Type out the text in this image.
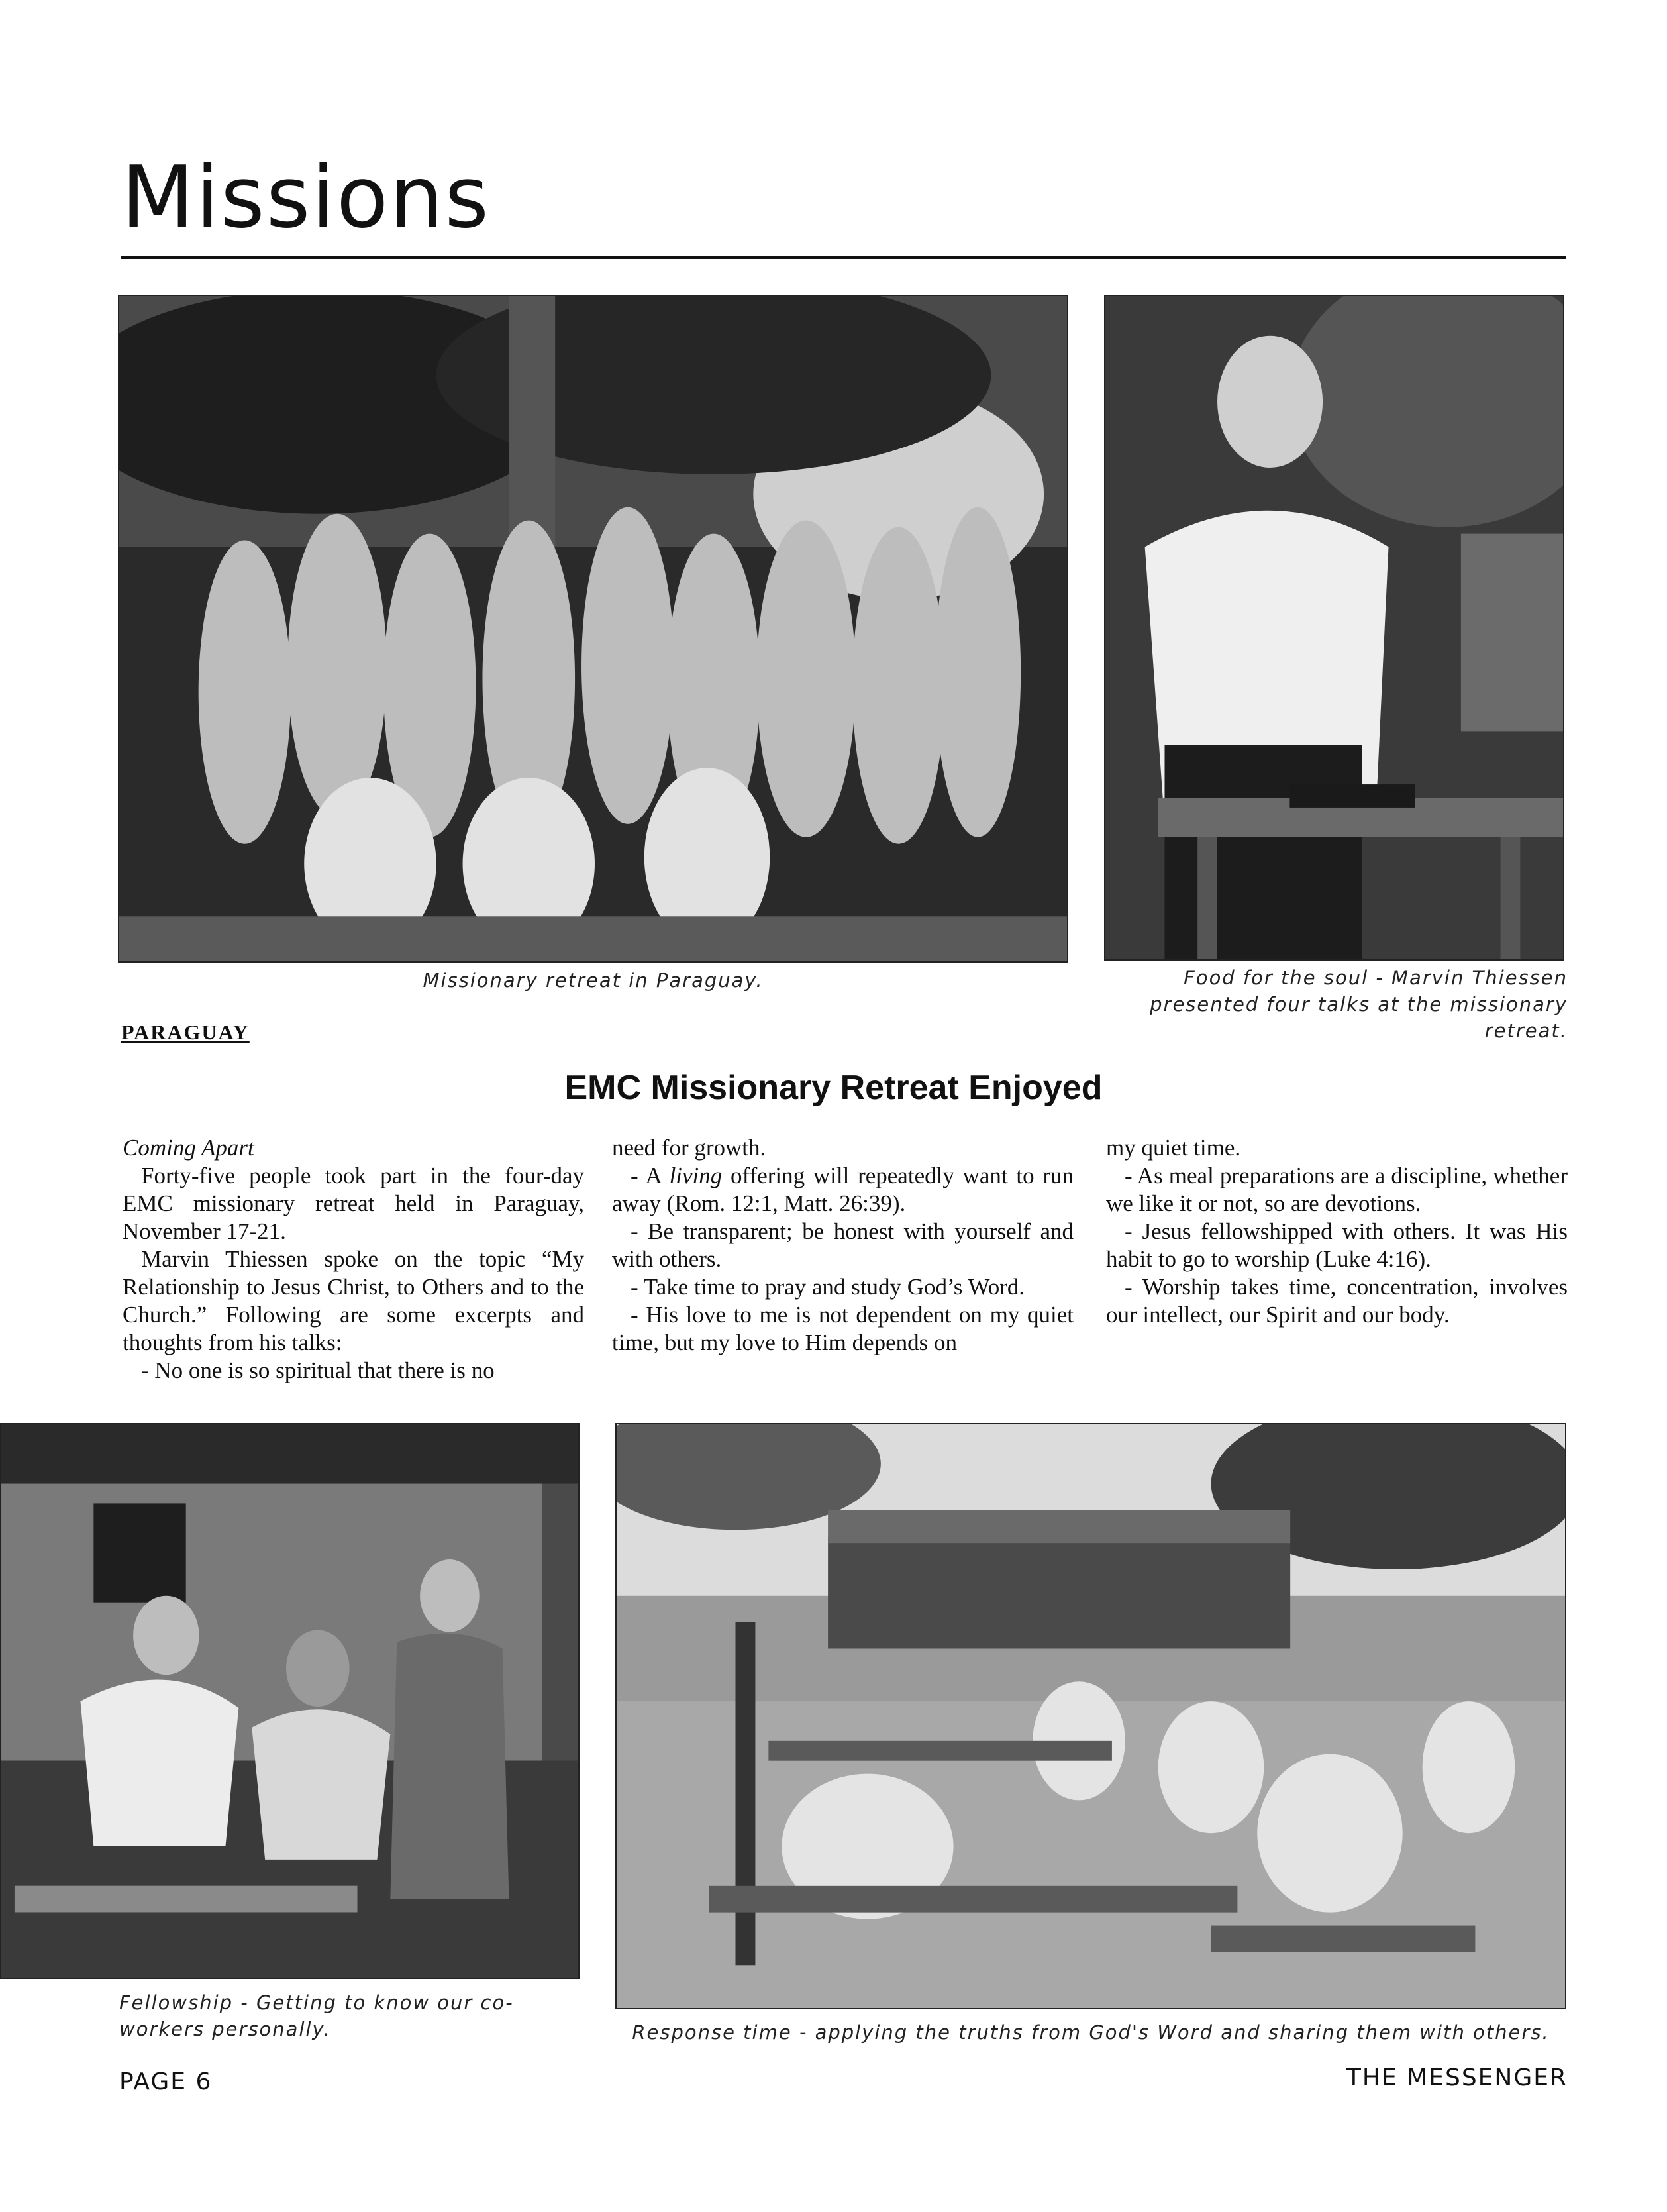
Missions
Missionary retreat in Paraguay.	Food for the soul - Marvin Thiessen presented four talks at the missionary retreat.
PARAGUAY
EMC Missionary Retreat Enjoyed

Coming Apart

Forty-five people took part in the four-day EMC missionary retreat held in Paraguay, November 17-21.

Marvin Thiessen spoke on the topic “My Relationship to Jesus Christ, to Others and to the Church.” Following are some excerpts and thoughts from his talks:

- No one is so spiritual that there is no

need for growth.

- A living offering will repeatedly want to run away (Rom. 12:1, Matt. 26:39).

- Be transparent; be honest with yourself and with others.

- Take time to pray and study God’s Word.

- His love to me is not dependent on my quiet time, but my love to Him depends on

my quiet time.

- As meal preparations are a discipline, whether we like it or not, so are devotions.

- Jesus fellowshipped with others. It was His habit to go to worship (Luke 4:16).

- Worship takes time, concentration, involves our intellect, our Spirit and our body.

Fellowship - Getting to know our co-workers personally.	Response time - applying the truths from God's Word and sharing them with others.
PAGE 6	THE MESSENGER
